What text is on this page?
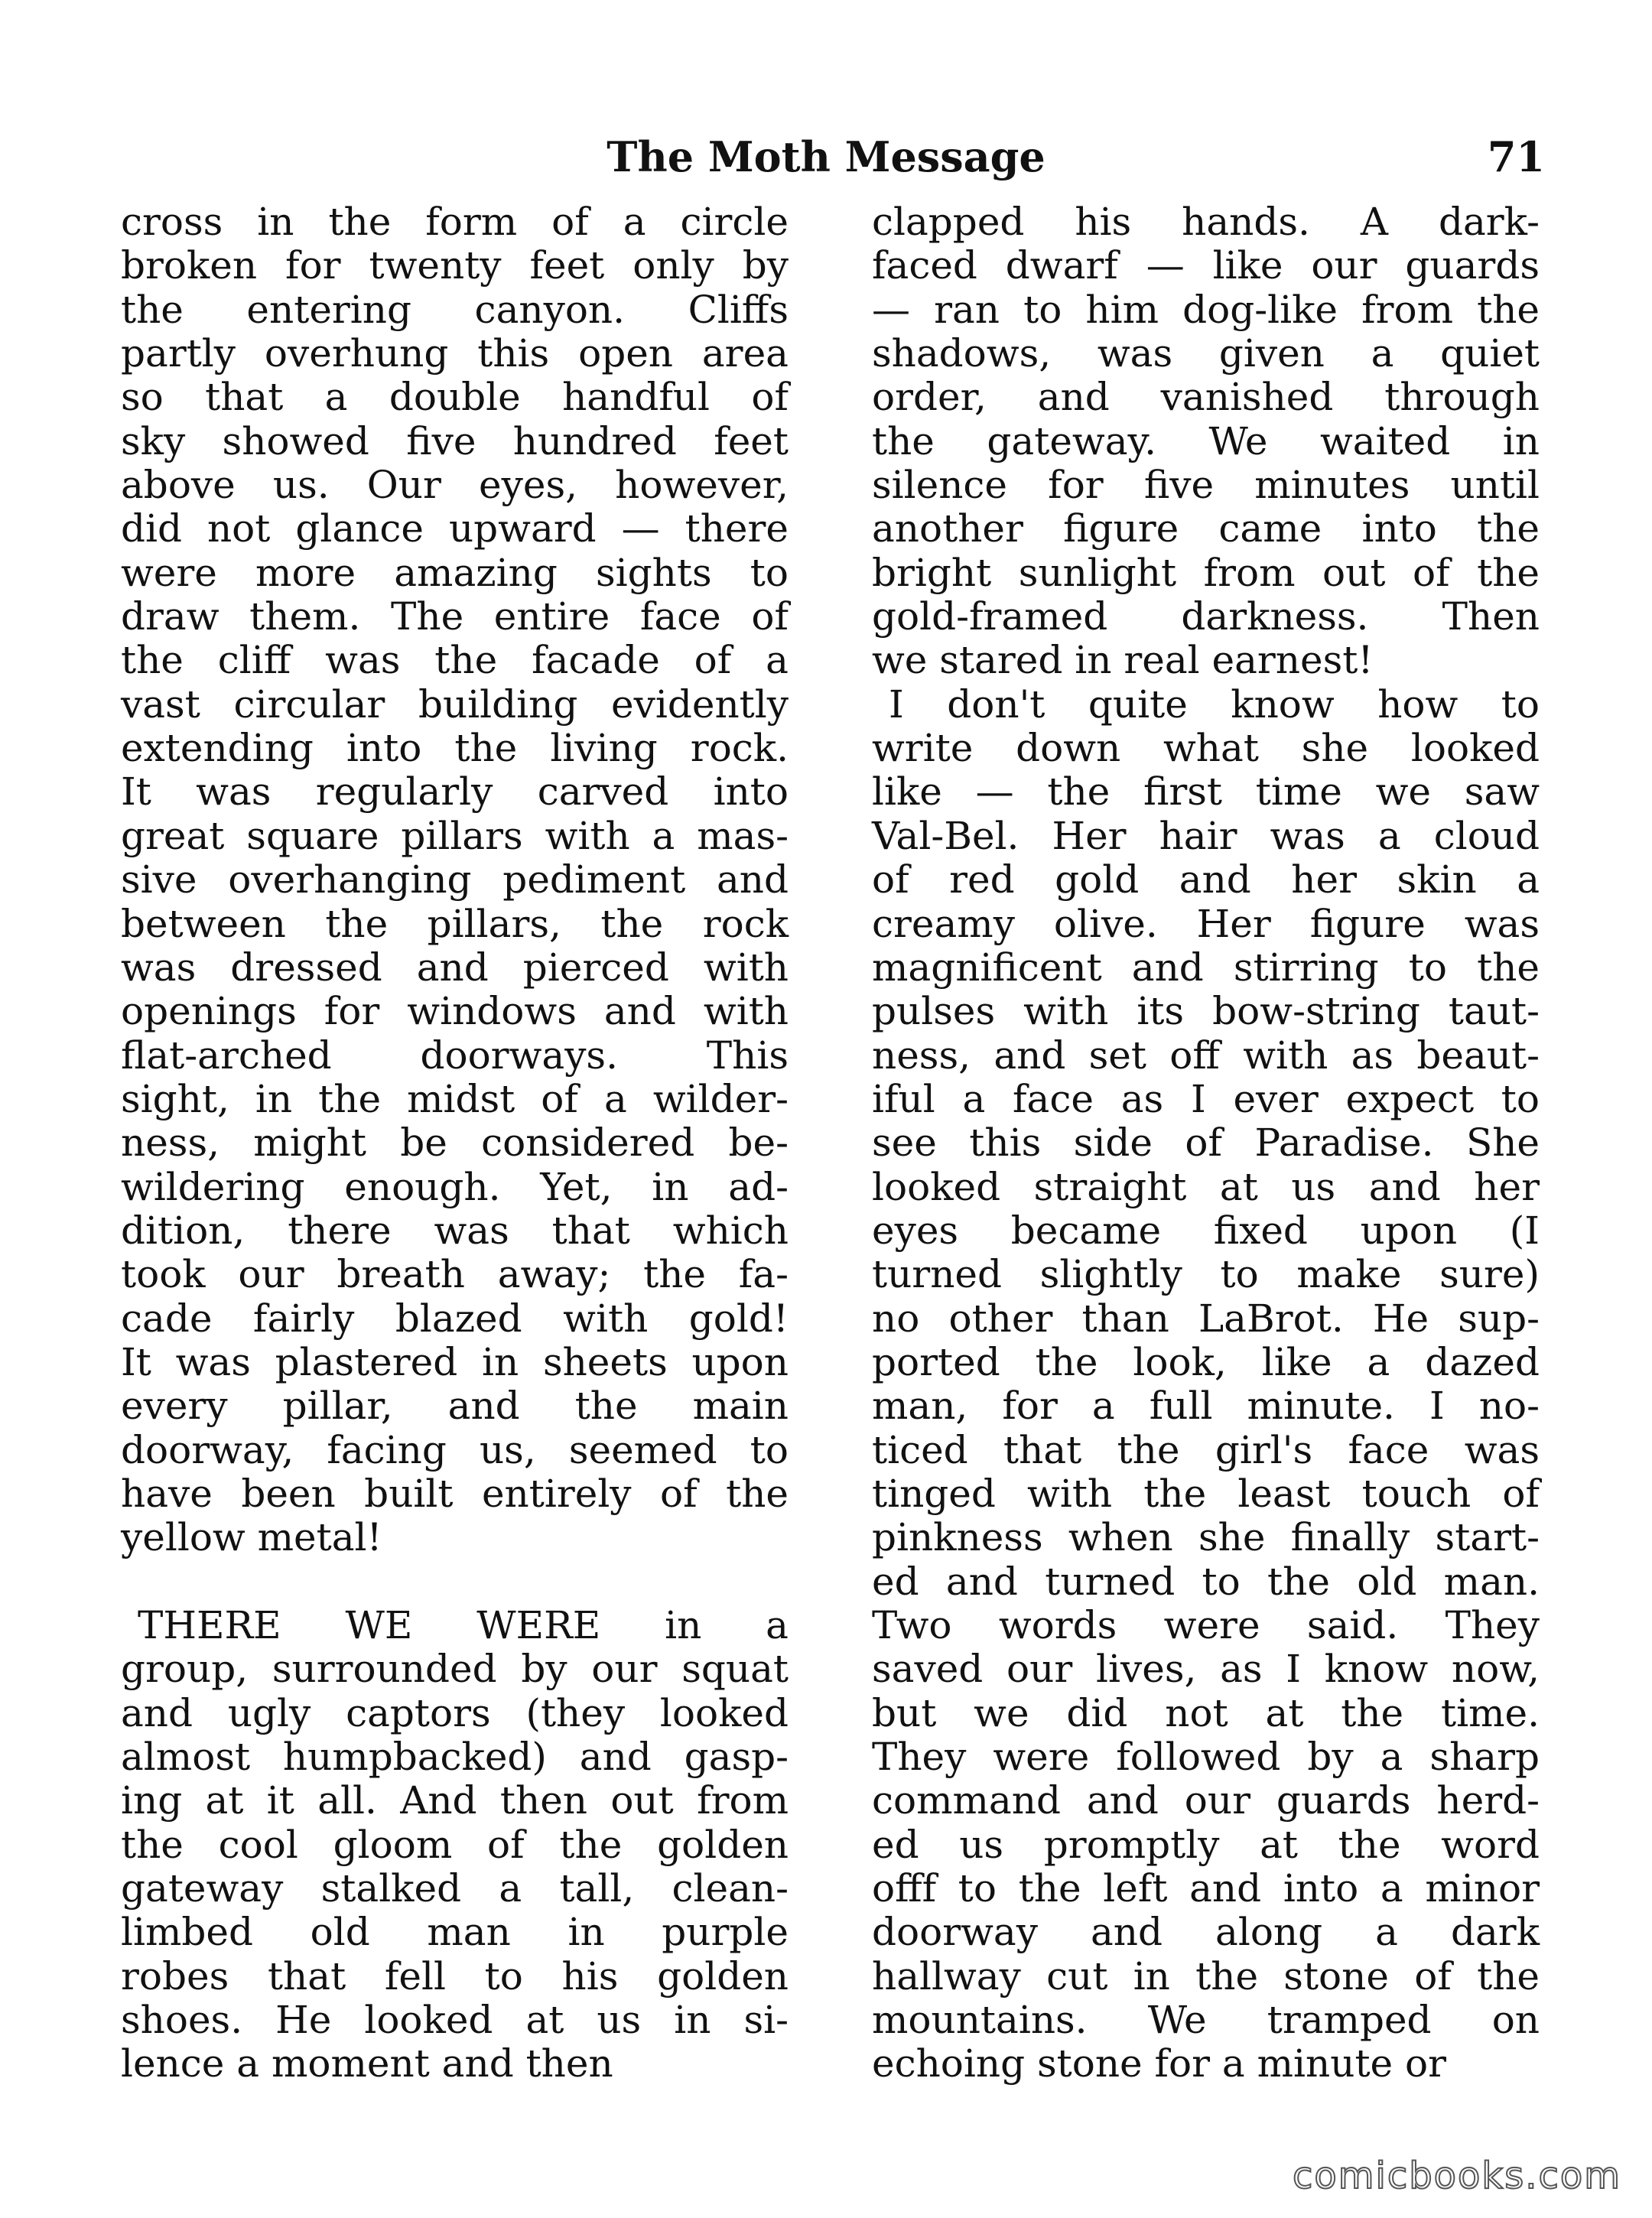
The Moth Message	71
cross in the form of a circle
broken for twenty feet only by
the entering canyon. Cliffs
partly overhung this open area
so that a double handful of
sky showed five hundred feet
above us. Our eyes, however,
did not glance upward — there
were more amazing sights to
draw them. The entire face of
the cliff was the facade of a
vast circular building evidently
extending into the living rock.
It was regularly carved into
great square pillars with a mas-
sive overhanging pediment and
between the pillars, the rock
was dressed and pierced with
openings for windows and with
flat-arched doorways. This
sight, in the midst of a wilder-
ness, might be considered be-
wildering enough. Yet, in ad-
dition, there was that which
took our breath away; the fa-
cade fairly blazed with gold!
It was plastered in sheets upon
every pillar, and the main
doorway, facing us, seemed to
have been built entirely of the
yellow metal!
THERE WE WERE in a
group, surrounded by our squat
and ugly captors (they looked
almost humpbacked) and gasp-
ing at it all. And then out from
the cool gloom of the golden
gateway stalked a tall, clean-
limbed old man in purple
robes that fell to his golden
shoes. He looked at us in si-
lence a moment and then
clapped his hands. A dark-
faced dwarf — like our guards
— ran to him dog-like from the
shadows, was given a quiet
order, and vanished through
the gateway. We waited in
silence for five minutes until
another figure came into the
bright sunlight from out of the
gold-framed darkness. Then
we stared in real earnest!
I don't quite know how to
write down what she looked
like — the first time we saw
Val-Bel. Her hair was a cloud
of red gold and her skin a
creamy olive. Her figure was
magnificent and stirring to the
pulses with its bow-string taut-
ness, and set off with as beaut-
iful a face as I ever expect to
see this side of Paradise. She
looked straight at us and her
eyes became fixed upon (I
turned slightly to make sure)
no other than LaBrot. He sup-
ported the look, like a dazed
man, for a full minute. I no-
ticed that the girl's face was
tinged with the least touch of
pinkness when she finally start-
ed and turned to the old man.
Two words were said. They
saved our lives, as I know now,
but we did not at the time.
They were followed by a sharp
command and our guards herd-
ed us promptly at the word
offf to the left and into a minor
doorway and along a dark
hallway cut in the stone of the
mountains. We tramped on
echoing stone for a minute or
comicbooks.com
